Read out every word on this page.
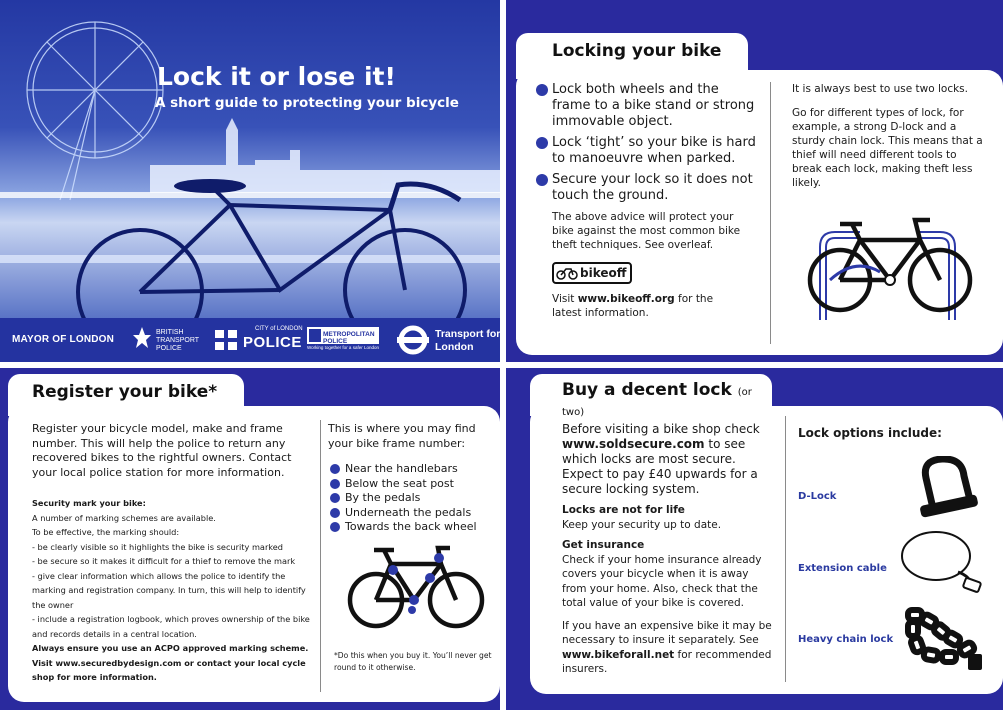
Lock it or lose it!
A short guide to protecting your bicycle
MAYOR OF LONDON
BRITISH TRANSPORT POLICE
CITY of LONDON
POLICE	METROPOLITAN POLICE
Working together for a safer London
Transport for London
Locking your bike
Lock both wheels and the frame to a bike stand or strong immovable object.
Lock ‘tight’ so your bike is hard to manoeuvre when parked.
Secure your lock so it does not touch the ground.
The above advice will protect your bike against the most common bike theft techniques. See overleaf.
bikeoff
Visit www.bikeoff.org for the latest information.

It is always best to use two locks.

Go for different types of lock, for example, a strong D-lock and a sturdy chain lock. This means that a thief will need different tools to break each lock, making theft less likely.

Register your bike*
Register your bicycle model, make and frame number. This will help the police to return any recovered bikes to the rightful owners. Contact your local police station for more information.
Security mark your bike:
A number of marking schemes are available.
To be effective, the marking should:
- be clearly visible so it highlights the bike is security marked
- be secure so it makes it difficult for a thief to remove the mark
- give clear information which allows the police to identify the marking and registration company. In turn, this will help to identify the owner
- include a registration logbook, which proves ownership of the bike and records details in a central location.
Always ensure you use an ACPO approved marking scheme.
Visit www.securedbydesign.com or contact your local cycle shop for more information.
This is where you may find your bike frame number:
Near the handlebars
Below the seat post
By the pedals
Underneath the pedals
Towards the back wheel
*Do this when you buy it. You’ll never get round to it otherwise.
Buy a decent lock (or two)
Before visiting a bike shop check www.soldsecure.com to see which locks are most secure. Expect to pay £40 upwards for a secure locking system.
Locks are not for life
Keep your security up to date.
Get insurance
Check if your home insurance already covers your bicycle when it is away from your home. Also, check that the total value of your bike is covered.
If you have an expensive bike it may be necessary to insure it separately. See www.bikeforall.net for recommended insurers.
Lock options include:
D-Lock
Extension cable
Heavy chain lock
